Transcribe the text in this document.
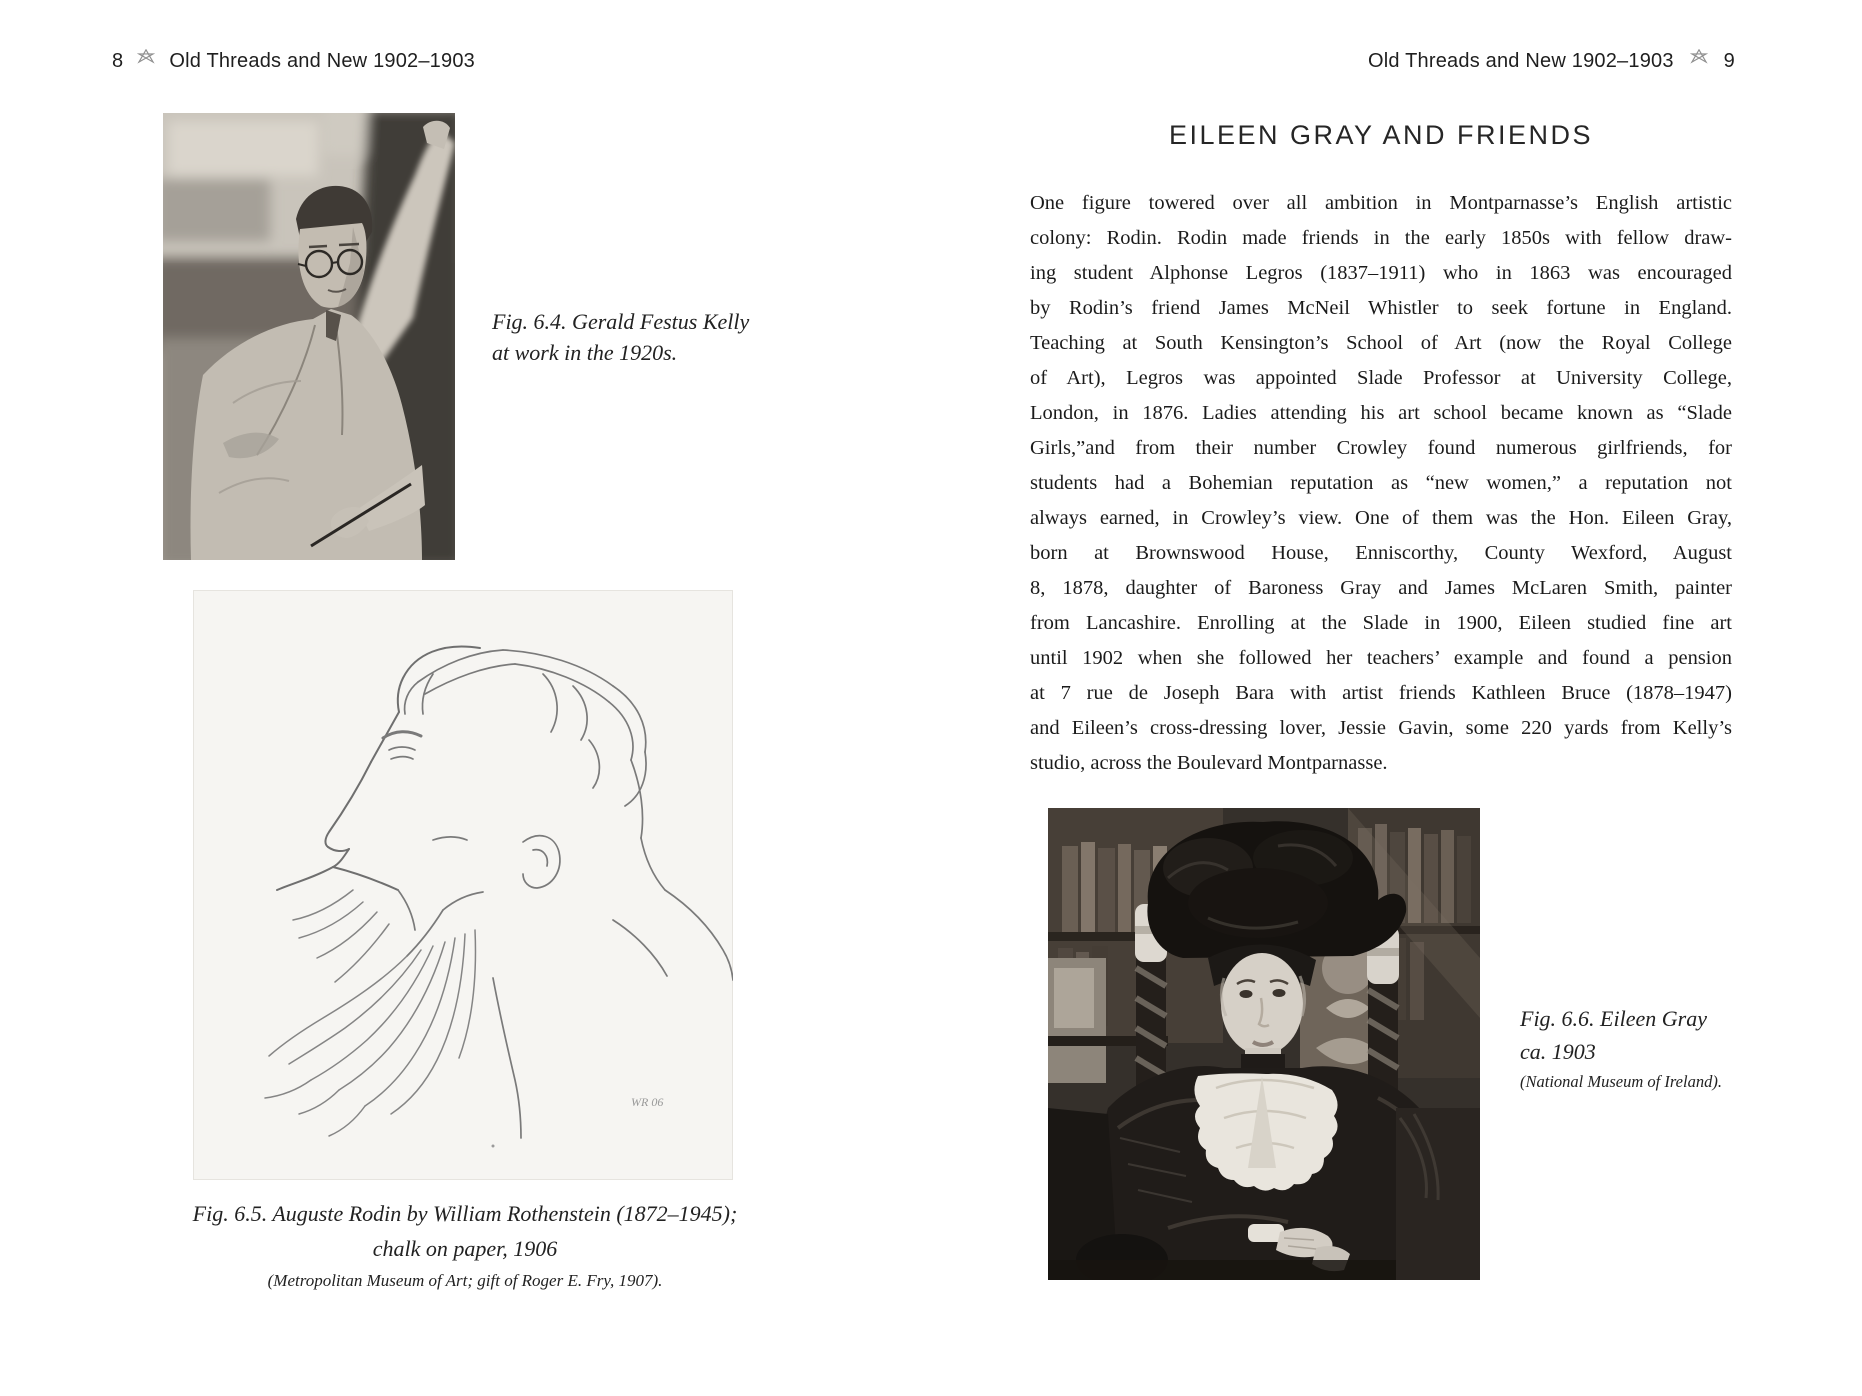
8 Old Threads and New 1902–1903	Old Threads and New 1902–1903	9
Fig. 6.4. Gerald Festus Kelly
at work in the 1920s.
WR 06
Fig. 6.5. Auguste Rodin by William Rothenstein (1872–1945);
chalk on paper, 1906
(Metropolitan Museum of Art; gift of Roger E. Fry, 1907).
EILEEN GRAY AND FRIENDS
One figure towered over all ambition in Montparnasse’s English artistic
colony: Rodin. Rodin made friends in the early 1850s with fellow draw-
ing student Alphonse Legros (1837–1911) who in 1863 was encouraged
by Rodin’s friend James McNeil Whistler to seek fortune in England.
Teaching at South Kensington’s School of Art (now the Royal College
of Art), Legros was appointed Slade Professor at University College,
London, in 1876. Ladies attending his art school became known as “Slade
Girls,”and from their number Crowley found numerous girlfriends, for
students had a Bohemian reputation as “new women,” a reputation not
always earned, in Crowley’s view. One of them was the Hon. Eileen Gray,
born at Brownswood House, Enniscorthy, County Wexford, August
8, 1878, daughter of Baroness Gray and James McLaren Smith, painter
from Lancashire. Enrolling at the Slade in 1900, Eileen studied fine art
until 1902 when she followed her teachers’ example and found a pension
at 7 rue de Joseph Bara with artist friends Kathleen Bruce (1878–1947)
and Eileen’s cross-dressing lover, Jessie Gavin, some 220 yards from Kelly’s
studio, across the Boulevard Montparnasse.
Fig. 6.6. Eileen Gray
ca. 1903
(National Museum of Ireland).
